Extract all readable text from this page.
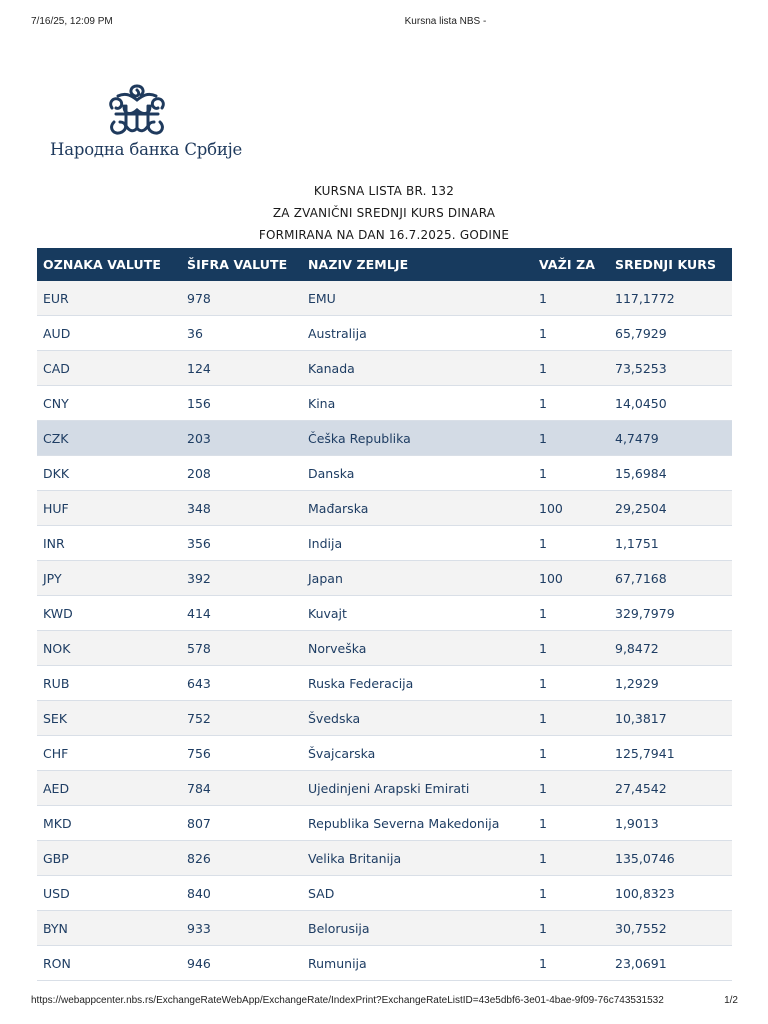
7/16/25, 12:09 PM	Kursna lista NBS -
Народна банка Србије
KURSNA LISTA BR. 132
ZA ZVANIČNI SREDNJI KURS DINARA
FORMIRANA NA DAN 16.7.2025. GODINE
OZNAKA VALUTE	ŠIFRA VALUTE	NAZIV ZEMLJE	VAŽI ZA	SREDNJI KURS
EUR	978	EMU	1	117,1772
AUD	36	Australija	1	65,7929
CAD	124	Kanada	1	73,5253
CNY	156	Kina	1	14,0450
CZK	203	Češka Republika	1	4,7479
DKK	208	Danska	1	15,6984
HUF	348	Mađarska	100	29,2504
INR	356	Indija	1	1,1751
JPY	392	Japan	100	67,7168
KWD	414	Kuvajt	1	329,7979
NOK	578	Norveška	1	9,8472
RUB	643	Ruska Federacija	1	1,2929
SEK	752	Švedska	1	10,3817
CHF	756	Švajcarska	1	125,7941
AED	784	Ujedinjeni Arapski Emirati	1	27,4542
MKD	807	Republika Severna Makedonija	1	1,9013
GBP	826	Velika Britanija	1	135,0746
USD	840	SAD	1	100,8323
BYN	933	Belorusija	1	30,7552
RON	946	Rumunija	1	23,0691
https://webappcenter.nbs.rs/ExchangeRateWebApp/ExchangeRate/IndexPrint?ExchangeRateListID=43e5dbf6-3e01-4bae-9f09-76c743531532	1/2
